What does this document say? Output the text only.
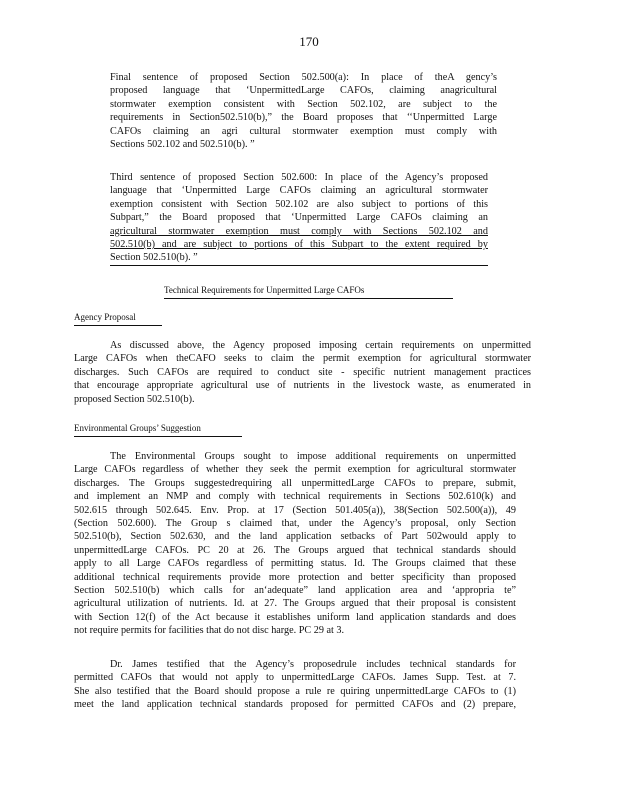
170
Final sentence of proposed Section 502.500(a): In place of theA gency’s
proposed language that ‘UnpermittedLarge CAFOs, claiming anagricultural
stormwater exemption consistent with Section 502.102, are subject to the
requirements in Section502.510(b),” the Board proposes that ‘‘Unpermitted Large
CAFOs claiming an agri cultural stormwater exemption must comply with
Sections 502.102 and 502.510(b). ”
Third sentence of proposed Section 502.600: In place of the Agency’s proposed
language that ‘Unpermitted Large CAFOs claiming an agricultural stormwater
exemption consistent with Section 502.102 are also subject to portions of this
Subpart,” the Board proposed that ‘Unpermitted Large CAFOs claiming an
agricultural stormwater exemption must comply with Sections 502.102 and
502.510(b) and are subject to portions of this Subpart to the extent required by
Section 502.510(b). ”
Technical Requirements for Unpermitted Large CAFOs
Agency Proposal
As discussed above, the Agency proposed imposing certain requirements on unpermitted
Large CAFOs when theCAFO seeks to claim the permit exemption for agricultural stormwater
discharges. Such CAFOs are required to conduct site - specific nutrient management practices
that encourage appropriate agricultural use of nutrients in the livestock waste, as enumerated in
proposed Section 502.510(b).
Environmental Groups’ Suggestion
The Environmental Groups sought to impose additional requirements on unpermitted
Large CAFOs regardless of whether they seek the permit exemption for agricultural stormwater
discharges. The Groups suggestedrequiring all unpermittedLarge CAFOs to prepare, submit,
and implement an NMP and comply with technical requirements in Sections 502.610(k) and
502.615 through 502.645. Env. Prop. at 17 (Section 501.405(a)), 38(Section 502.500(a)), 49
(Section 502.600). The Group s claimed that, under the Agency’s proposal, only Section
502.510(b), Section 502.630, and the land application setbacks of Part 502would apply to
unpermittedLarge CAFOs. PC 20 at 26. The Groups argued that technical standards should
apply to all Large CAFOs regardless of permitting status. Id. The Groups claimed that these
additional technical requirements provide more protection and better specificity than proposed
Section 502.510(b) which calls for an‘adequate” land application area and ‘appropria te”
agricultural utilization of nutrients. Id. at 27. The Groups argued that their proposal is consistent
with Section 12(f) of the Act because it establishes uniform land application standards and does
not require permits for facilities that do not disc harge. PC 29 at 3.
Dr. James testified that the Agency’s proposedrule includes technical standards for
permitted CAFOs that would not apply to unpermittedLarge CAFOs. James Supp. Test. at 7.
She also testified that the Board should propose a rule re quiring unpermittedLarge CAFOs to (1)
meet the land application technical standards proposed for permitted CAFOs and (2) prepare,
